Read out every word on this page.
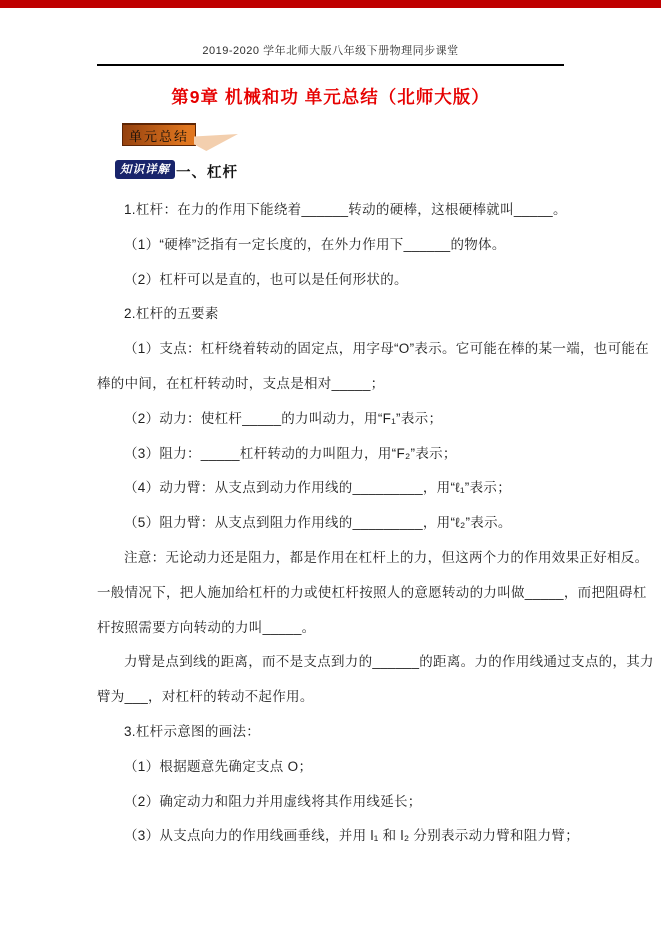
2019-2020 学年北师大版八年级下册物理同步课堂
第9章 机械和功 单元总结（北师大版）
单元总结
知识详解 一、杠杆

1.杠杆：在力的作用下能绕着______转动的硬棒，这根硬棒就叫_____。

（1）“硬棒”泛指有一定长度的，在外力作用下______的物体。

（2）杠杆可以是直的，也可以是任何形状的。

2.杠杆的五要素

（1）支点：杠杆绕着转动的固定点，用字母“O”表示。它可能在棒的某一端，也可能在

棒的中间，在杠杆转动时，支点是相对_____；

（2）动力：使杠杆_____的力叫动力，用“F₁”表示；

（3）阻力：_____杠杆转动的力叫阻力，用“F₂”表示；

（4）动力臂：从支点到动力作用线的_________，用“ℓ₁”表示；

（5）阻力臂：从支点到阻力作用线的_________，用“ℓ₂”表示。

注意：无论动力还是阻力，都是作用在杠杆上的力，但这两个力的作用效果正好相反。

一般情况下，把人施加给杠杆的力或使杠杆按照人的意愿转动的力叫做_____，而把阻碍杠

杆按照需要方向转动的力叫_____。

力臂是点到线的距离，而不是支点到力的______的距离。力的作用线通过支点的，其力

臂为___，对杠杆的转动不起作用。

3.杠杆示意图的画法：

（1）根据题意先确定支点 O；

（2）确定动力和阻力并用虚线将其作用线延长；

（3）从支点向力的作用线画垂线，并用 l₁ 和 l₂ 分别表示动力臂和阻力臂；
